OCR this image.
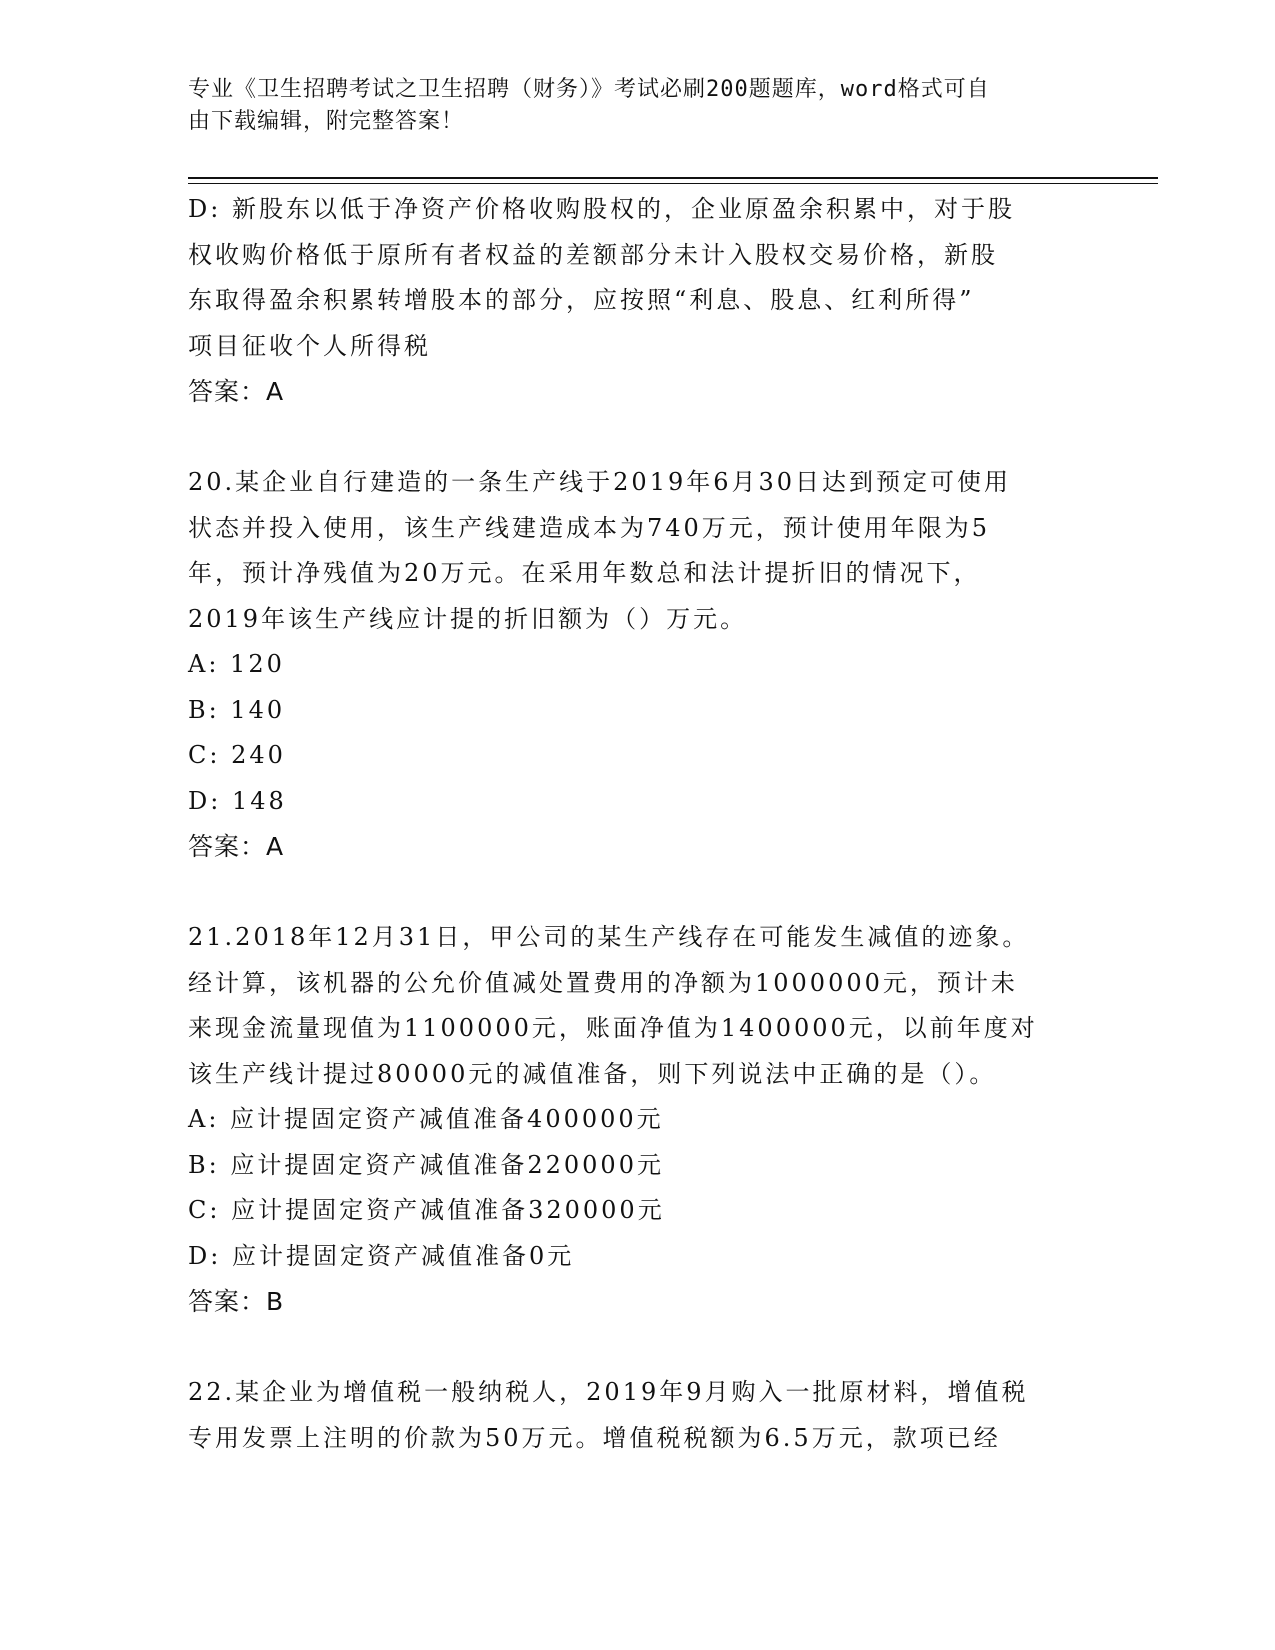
专业《卫生招聘考试之卫生招聘（财务）》考试必刷200题题库，word格式可自
由下载编辑，附完整答案！

D: 新股东以低于净资产价格收购股权的，企业原盈余积累中，对于股

权收购价格低于原所有者权益的差额部分未计入股权交易价格，新股

东取得盈余积累转增股本的部分，应按照“利息、股息、红利所得”

项目征收个人所得税

答案：A

20.某企业自行建造的一条生产线于2019年6月30日达到预定可使用

状态并投入使用，该生产线建造成本为740万元，预计使用年限为5

年，预计净残值为20万元。在采用年数总和法计提折旧的情况下，

2019年该生产线应计提的折旧额为（）万元。

A: 120

B: 140

C: 240

D: 148

答案：A

21.2018年12月31日，甲公司的某生产线存在可能发生减值的迹象。

经计算，该机器的公允价值减处置费用的净额为1000000元，预计未

来现金流量现值为1100000元，账面净值为1400000元，以前年度对

该生产线计提过80000元的减值准备，则下列说法中正确的是（）。

A: 应计提固定资产减值准备400000元

B: 应计提固定资产减值准备220000元

C: 应计提固定资产减值准备320000元

D: 应计提固定资产减值准备0元

答案：B

22.某企业为增值税一般纳税人，2019年9月购入一批原材料，增值税

专用发票上注明的价款为50万元。增值税税额为6.5万元，款项已经
